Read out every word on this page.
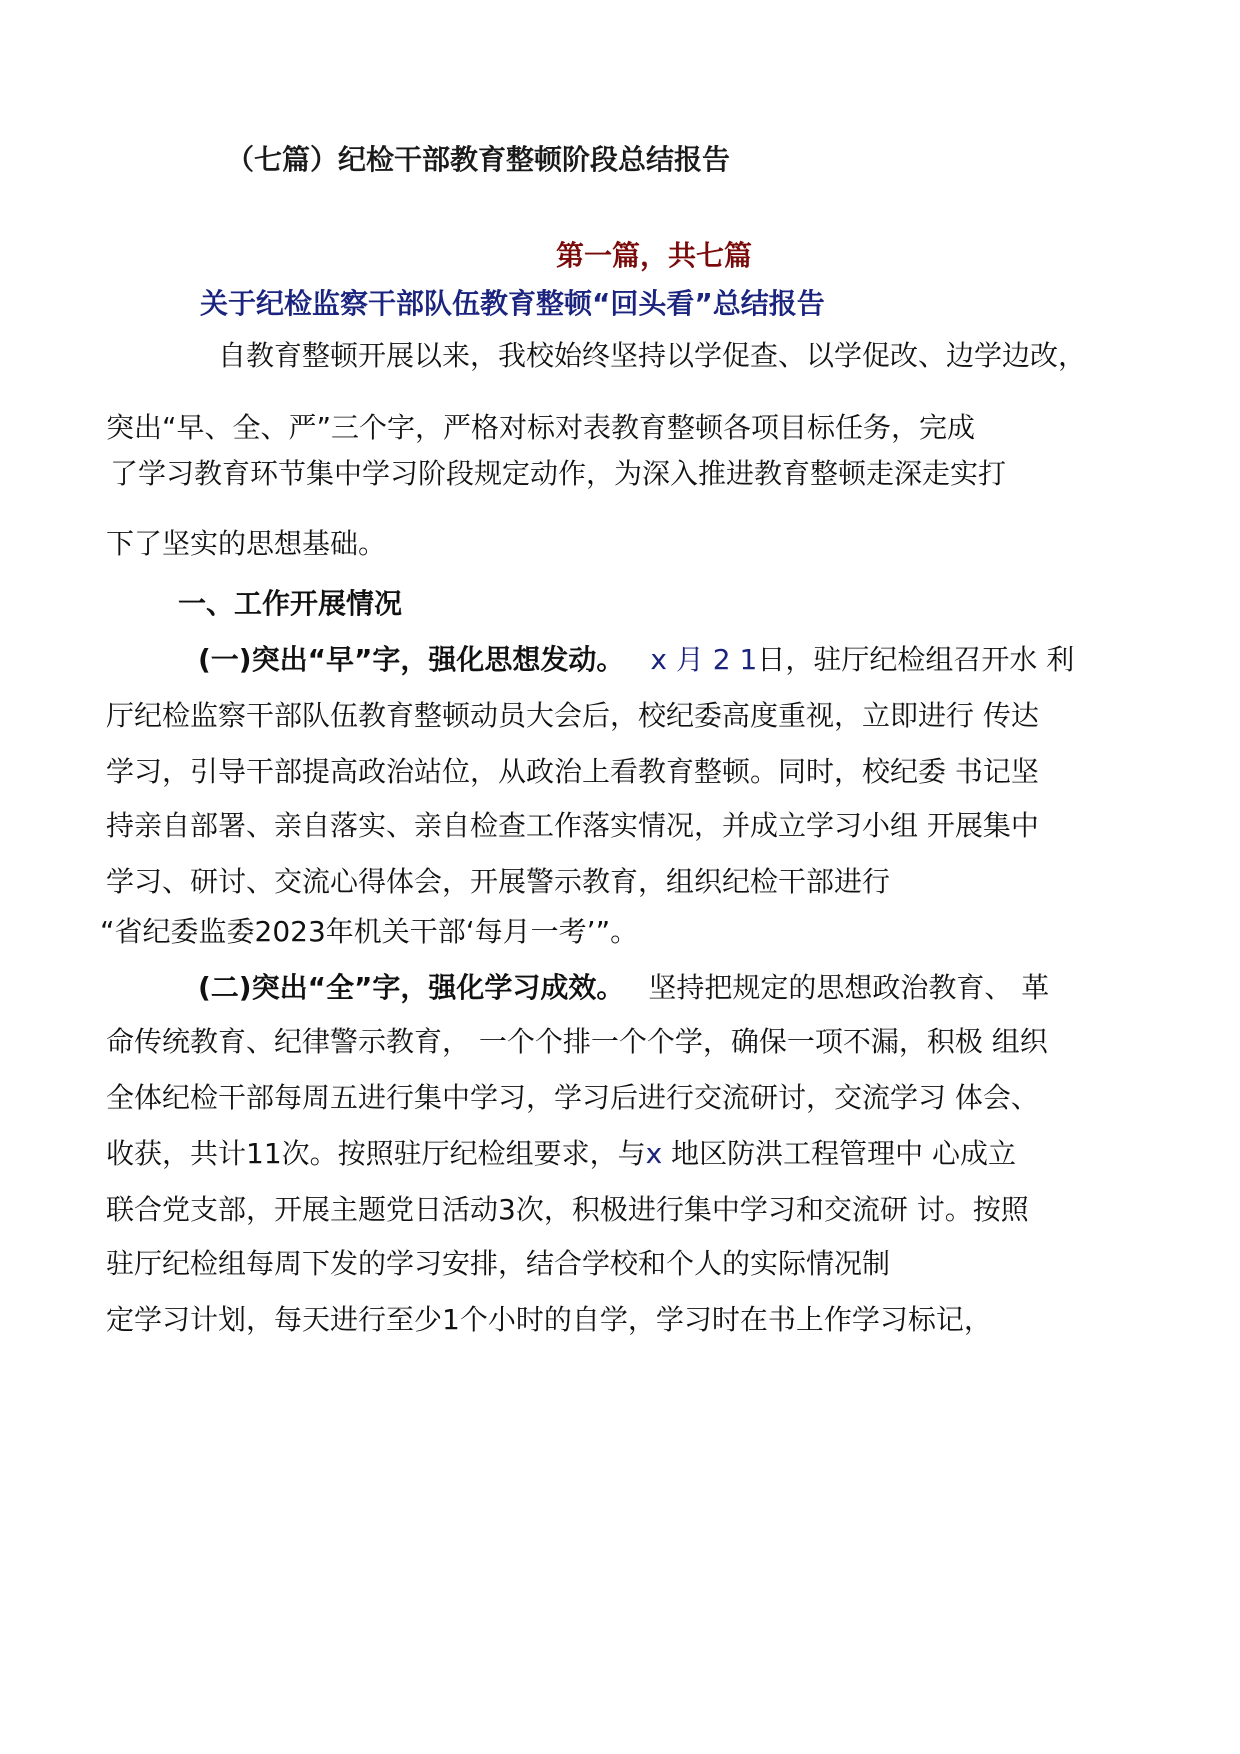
（七篇）纪检干部教育整顿阶段总结报告
第一篇，共七篇
关于纪检监察干部队伍教育整顿“回头看”总结报告
自教育整顿开展以来，我校始终坚持以学促查、以学促改、边学边改，
突出“早、全、严”三个字，严格对标对表教育整顿各项目标任务，完成
了学习教育环节集中学习阶段规定动作，为深入推进教育整顿走深走实打
下了坚实的思想基础。
一、工作开展情况
(一)突出“早”字，强化思想发动。 x 月 2 1日，驻厅纪检组召开水 利
厅纪检监察干部队伍教育整顿动员大会后，校纪委高度重视，立即进行 传达
学习，引导干部提高政治站位，从政治上看教育整顿。同时，校纪委 书记坚
持亲自部署、亲自落实、亲自检查工作落实情况，并成立学习小组 开展集中
学习、研讨、交流心得体会，开展警示教育，组织纪检干部进行
“省纪委监委2023年机关干部‘每月一考’”。
(二)突出“全”字，强化学习成效。 坚持把规定的思想政治教育、 革
命传统教育、纪律警示教育， 一个个排一个个学，确保一项不漏，积极 组织
全体纪检干部每周五进行集中学习，学习后进行交流研讨，交流学习 体会、
收获，共计11次。按照驻厅纪检组要求，与x 地区防洪工程管理中 心成立
联合党支部，开展主题党日活动3次，积极进行集中学习和交流研 讨。按照
驻厅纪检组每周下发的学习安排，结合学校和个人的实际情况制
定学习计划，每天进行至少1个小时的自学，学习时在书上作学习标记，
